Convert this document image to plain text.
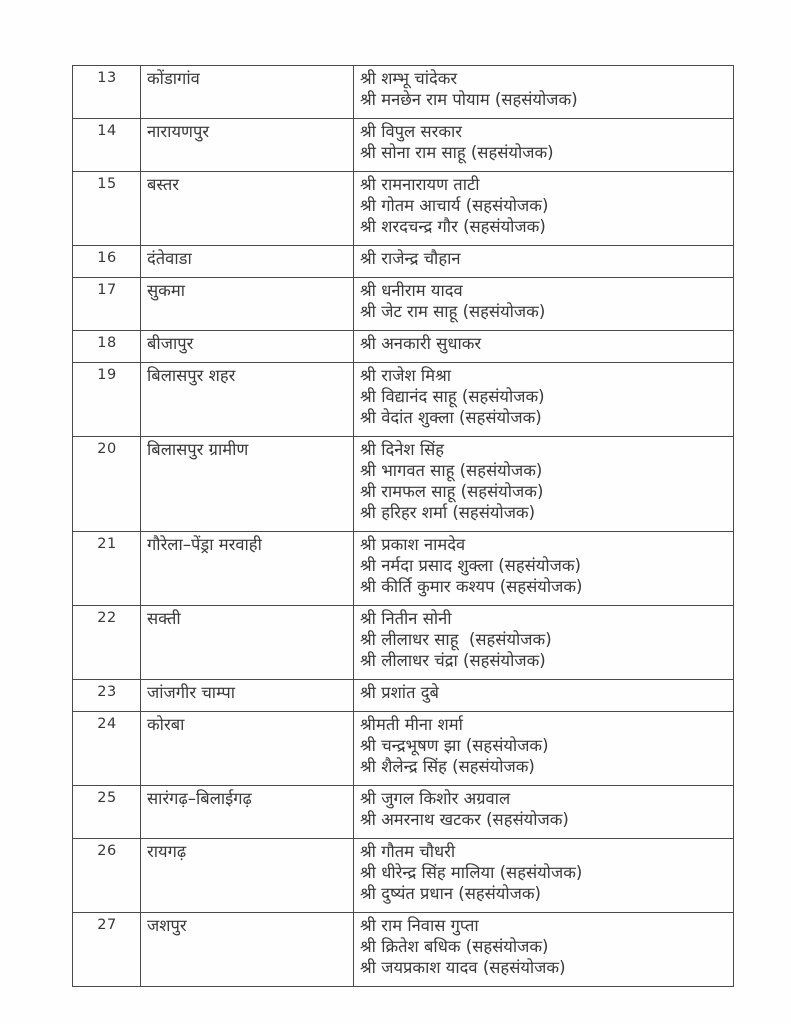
13	कोंडागांव	श्री शम्भू चांदेकर
श्री मनछेन राम पोयाम (सहसंयोजक)

14	नारायणपुर	श्री विपुल सरकार
श्री सोना राम साहू (सहसंयोजक)

15	बस्तर	श्री रामनारायण ताटी
श्री गोतम आचार्य (सहसंयोजक)
श्री शरदचन्द्र गौर (सहसंयोजक)

16	दंतेवाडा	श्री राजेन्द्र चौहान

17	सुकमा	श्री धनीराम यादव
श्री जेट राम साहू (सहसंयोजक)

18	बीजापुर	श्री अनकारी सुधाकर

19	बिलासपुर शहर	श्री राजेश मिश्रा
श्री विद्यानंद साहू (सहसंयोजक)
श्री वेदांत शुक्ला (सहसंयोजक)

20	बिलासपुर ग्रामीण	श्री दिनेश सिंह
श्री भागवत साहू (सहसंयोजक)
श्री रामफल साहू (सहसंयोजक)
श्री हरिहर शर्मा (सहसंयोजक)

21	गौरेला–पेंड्रा मरवाही	श्री प्रकाश नामदेव
श्री नर्मदा प्रसाद शुक्ला (सहसंयोजक)
श्री कीर्ति कुमार कश्यप (सहसंयोजक)

22	सक्ती	श्री नितीन सोनी
श्री लीलाधर साहू  (सहसंयोजक)
श्री लीलाधर चंद्रा (सहसंयोजक)

23	जांजगीर चाम्पा	श्री प्रशांत दुबे

24	कोरबा	श्रीमती मीना शर्मा
श्री चन्द्रभूषण झा (सहसंयोजक)
श्री शैलेन्द्र सिंह (सहसंयोजक)

25	सारंगढ़–बिलाईगढ़	श्री जुगल किशोर अग्रवाल
श्री अमरनाथ खटकर (सहसंयोजक)

26	रायगढ़	श्री गौतम चौधरी
श्री धीरेन्द्र सिंह मालिया (सहसंयोजक)
श्री दुष्यंत प्रधान (सहसंयोजक)

27	जशपुर	श्री राम निवास गुप्ता
श्री क्रितेश बधिक (सहसंयोजक)
श्री जयप्रकाश यादव (सहसंयोजक)
